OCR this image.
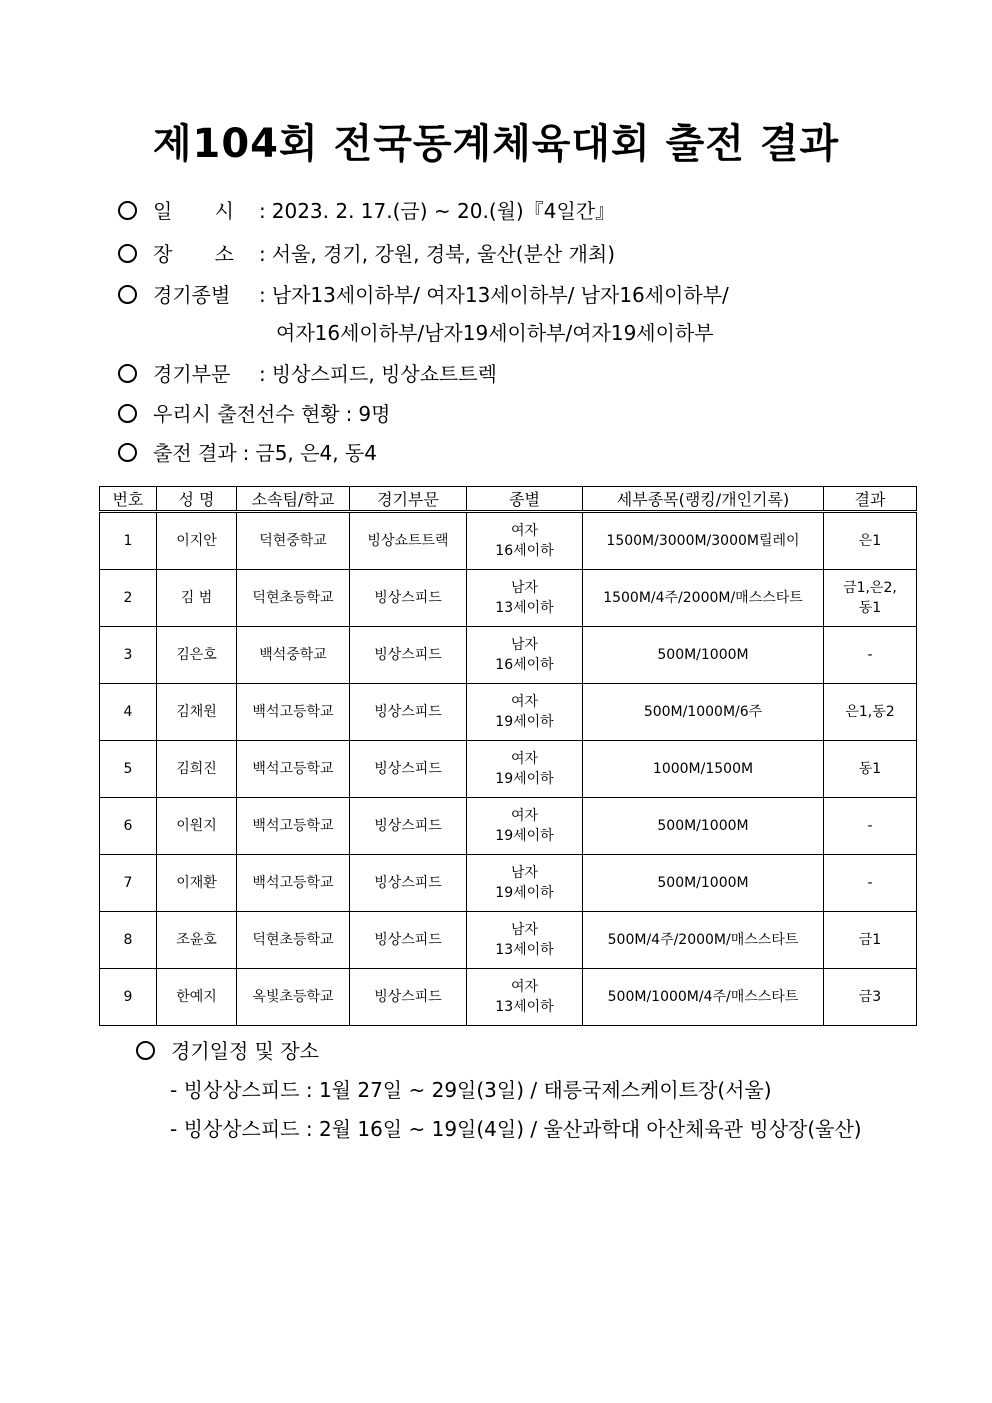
제104회 전국동계체육대회 출전 결과
일 시 : 2023. 2. 17.(금) ~ 20.(월)『4일간』
장 소 : 서울, 경기, 강원, 경북, 울산(분산 개최)
경기종별 : 남자13세이하부/ 여자13세이하부/ 남자16세이하부/
여자16세이하부/남자19세이하부/여자19세이하부
경기부문 : 빙상스피드, 빙상쇼트트렉
우리시 출전선수 현황 : 9명
출전 결과 : 금5, 은4, 동4
번호	성 명	소속팀/학교	경기부문	종별	세부종목(랭킹/개인기록)	결과
1	이지안	덕현중학교	빙상쇼트트랙	여자
16세이하	1500M/3000M/3000M릴레이	은1
2	김 범	덕현초등학교	빙상스피드	남자
13세이하	1500M/4주/2000M/매스스타트	금1,은2,
동1
3	김은호	백석중학교	빙상스피드	남자
16세이하	500M/1000M	-
4	김채원	백석고등학교	빙상스피드	여자
19세이하	500M/1000M/6주	은1,동2
5	김희진	백석고등학교	빙상스피드	여자
19세이하	1000M/1500M	동1
6	이원지	백석고등학교	빙상스피드	여자
19세이하	500M/1000M	-
7	이재환	백석고등학교	빙상스피드	남자
19세이하	500M/1000M	-
8	조윤호	덕현초등학교	빙상스피드	남자
13세이하	500M/4주/2000M/매스스타트	금1
9	한예지	옥빛초등학교	빙상스피드	여자
13세이하	500M/1000M/4주/매스스타트	금3
경기일정 및 장소
- 빙상상스피드 : 1월 27일 ~ 29일(3일) / 태릉국제스케이트장(서울)
- 빙상상스피드 : 2월 16일 ~ 19일(4일) / 울산과학대 아산체육관 빙상장(울산)
